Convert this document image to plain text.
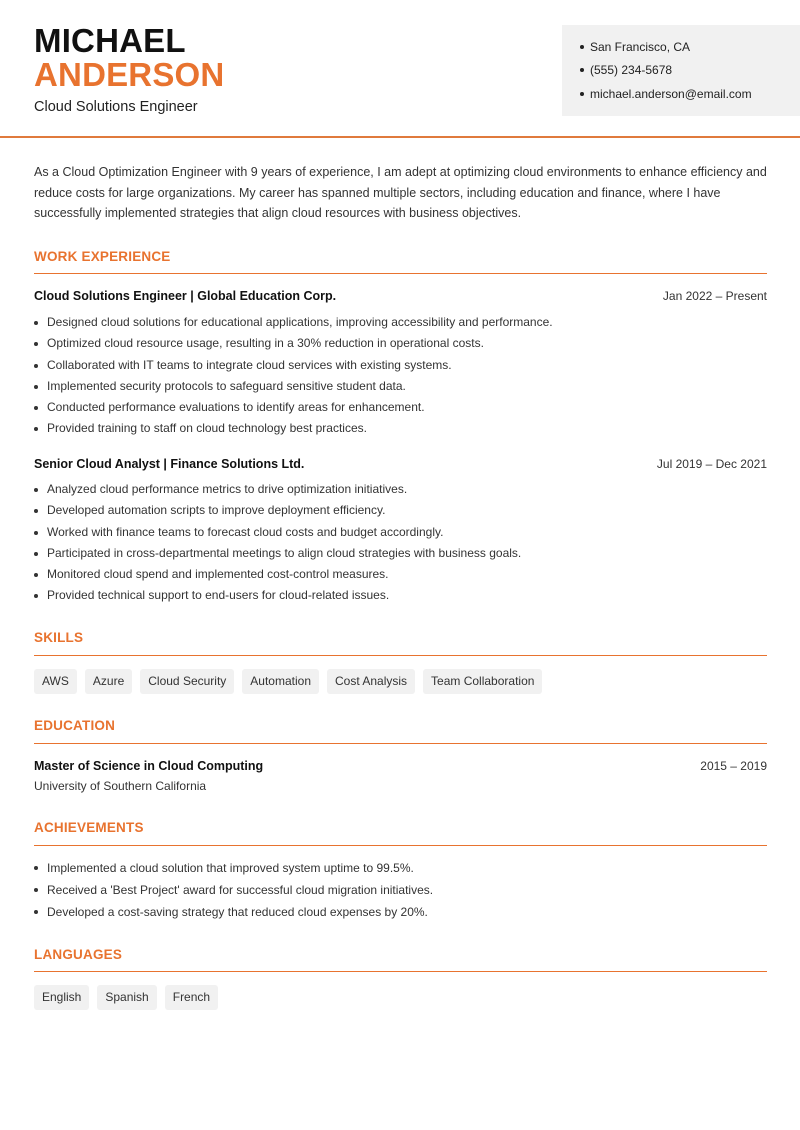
MICHAEL
ANDERSON
Cloud Solutions Engineer
San Francisco, CA
(555) 234-5678
michael.anderson@email.com
As a Cloud Optimization Engineer with 9 years of experience, I am adept at optimizing cloud environments to enhance efficiency and reduce costs for large organizations. My career has spanned multiple sectors, including education and finance, where I have successfully implemented strategies that align cloud resources with business objectives.
WORK EXPERIENCE
Cloud Solutions Engineer | Global Education Corp.	Jan 2022 – Present
Designed cloud solutions for educational applications, improving accessibility and performance.
Optimized cloud resource usage, resulting in a 30% reduction in operational costs.
Collaborated with IT teams to integrate cloud services with existing systems.
Implemented security protocols to safeguard sensitive student data.
Conducted performance evaluations to identify areas for enhancement.
Provided training to staff on cloud technology best practices.
Senior Cloud Analyst | Finance Solutions Ltd.	Jul 2019 – Dec 2021
Analyzed cloud performance metrics to drive optimization initiatives.
Developed automation scripts to improve deployment efficiency.
Worked with finance teams to forecast cloud costs and budget accordingly.
Participated in cross-departmental meetings to align cloud strategies with business goals.
Monitored cloud spend and implemented cost-control measures.
Provided technical support to end-users for cloud-related issues.
SKILLS
AWS	Azure	Cloud Security	Automation	Cost Analysis	Team Collaboration
EDUCATION
Master of Science in Cloud Computing	2015 – 2019
University of Southern California
ACHIEVEMENTS
Implemented a cloud solution that improved system uptime to 99.5%.
Received a 'Best Project' award for successful cloud migration initiatives.
Developed a cost-saving strategy that reduced cloud expenses by 20%.
LANGUAGES
English	Spanish	French
